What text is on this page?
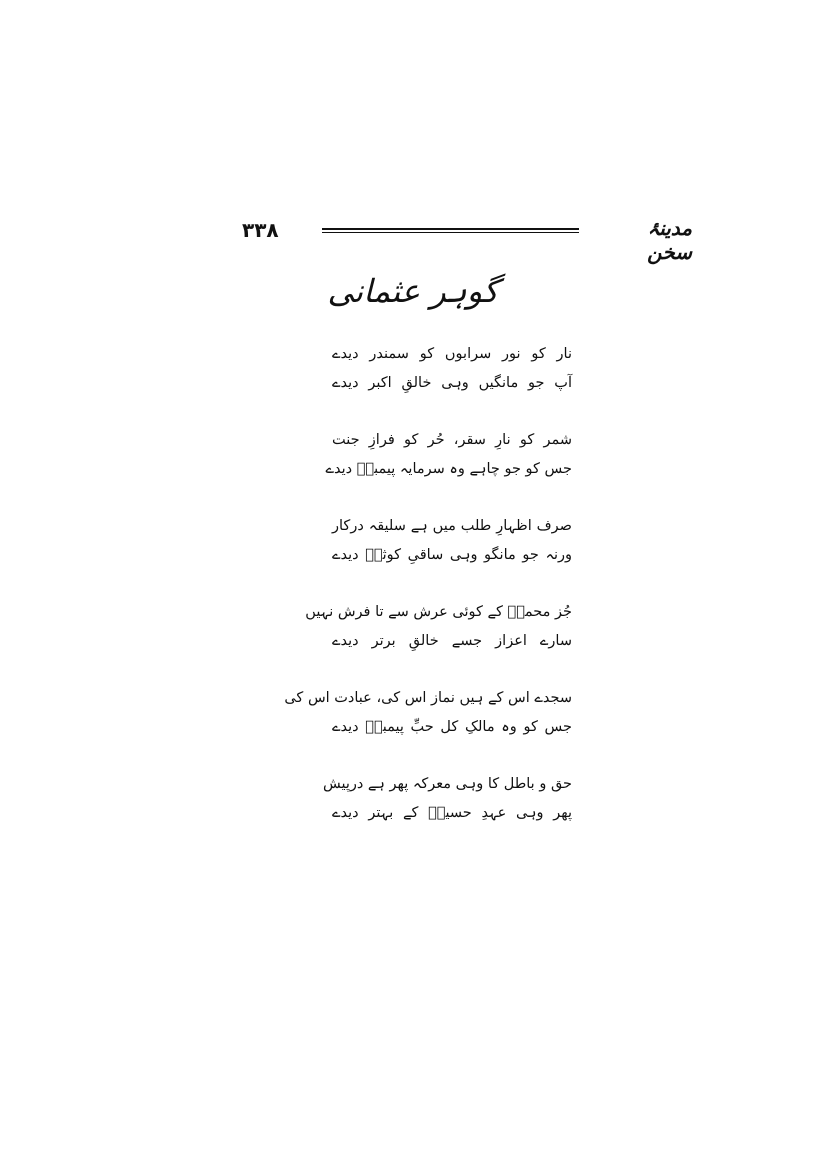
۳۳۸	مدینۂ سخن
گوہر عثمانی
نار کو نور سرابوں کو سمندر دیدے
آپ جو مانگیں وہی خالقِ اکبر دیدے
شمر کو نارِ سقر، حُر کو فرازِ جنت
جس کو جو چاہے وہ سرمایہ پیمبرؐ دیدے
صرف اظہارِ طلب میں ہے سلیقہ درکار
ورنہ جو مانگو وہی ساقیِ کوثرؓ دیدے
جُز محمدؐ کے کوئی عرش سے تا فرش نہیں
سارے اعزاز جسے خالقِ برتر دیدے
سجدے اس کے ہیں نماز اس کی، عبادت اس کی
جس کو وہ مالکِ کل حبِّ پیمبرؐ دیدے
حق و باطل کا وہی معرکہ پھر ہے درپیش
پھر وہی عہدِ حسینؓ کے بہتر دیدے
